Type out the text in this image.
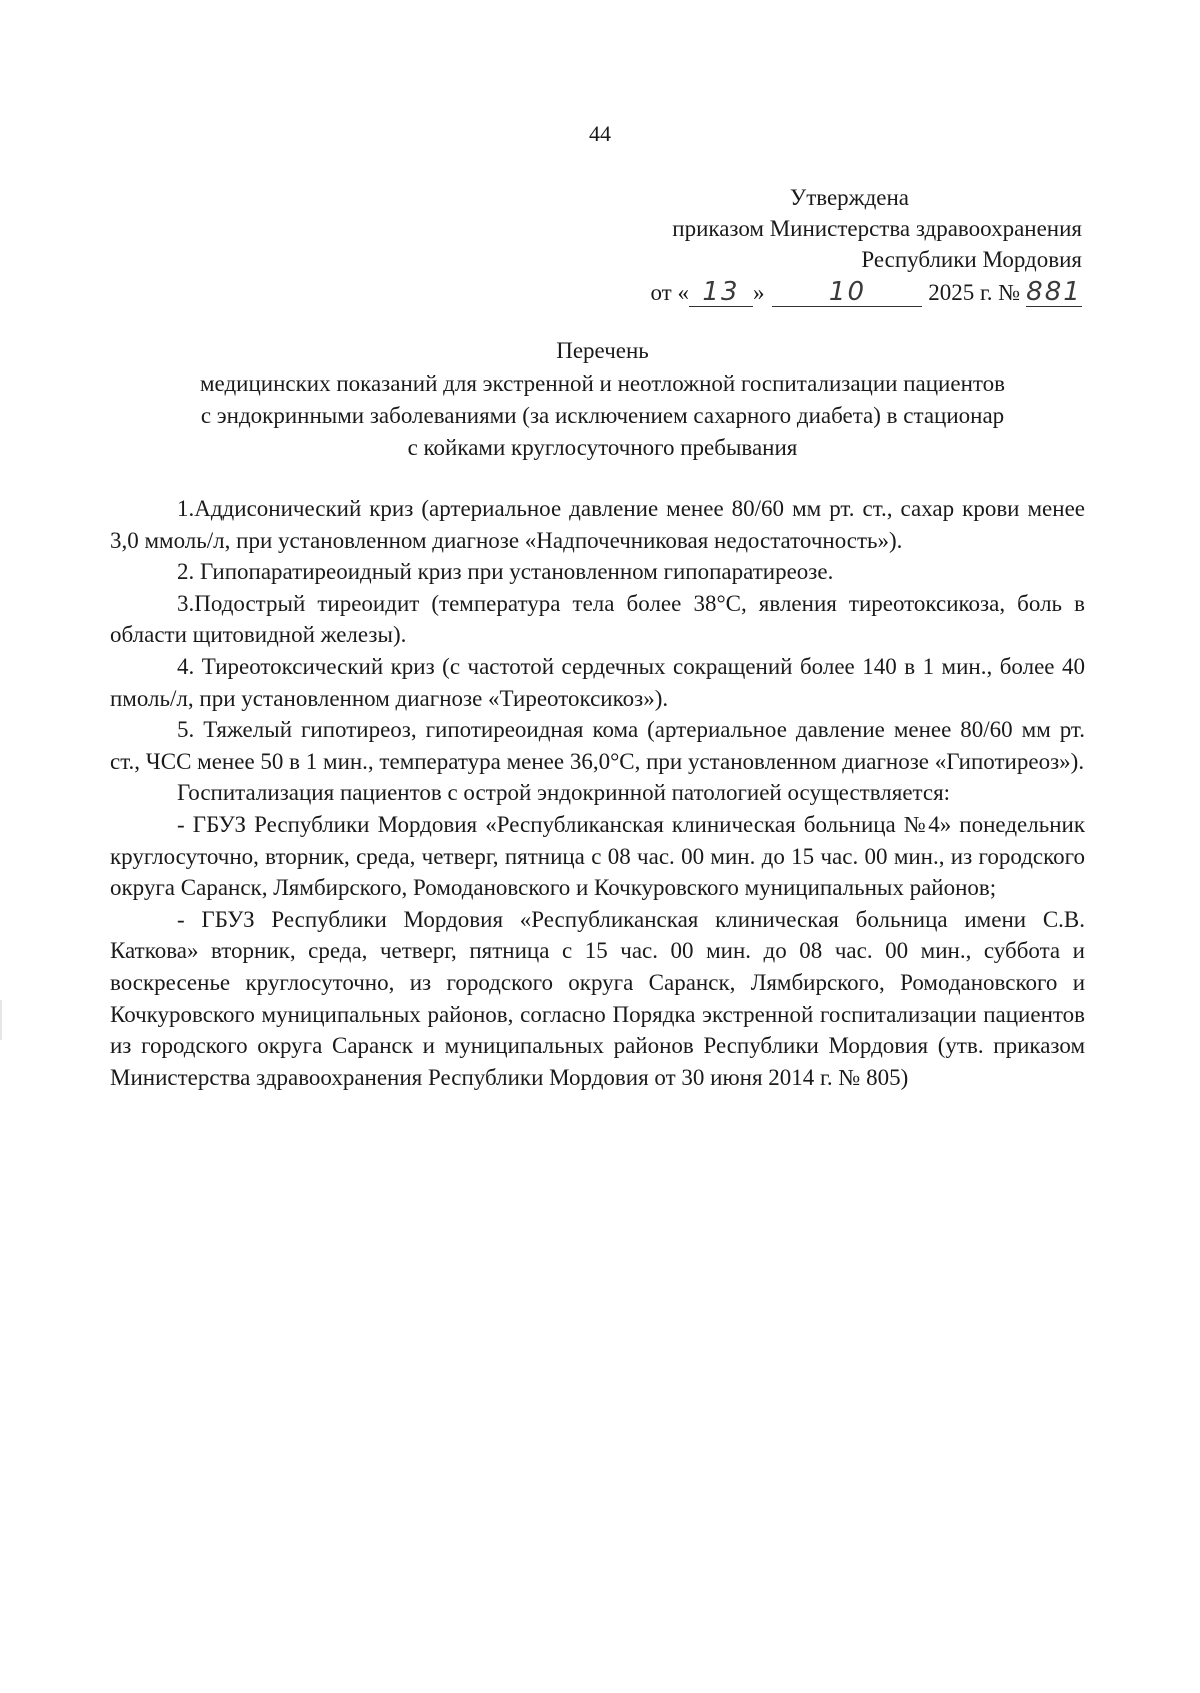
44
Утверждена
приказом Министерства здравоохранения
Республики Мордовия
от « 13 » 10	2025 г. № 881
Перечень
медицинских показаний для экстренной и неотложной госпитализации пациентов
с эндокринными заболеваниями (за исключением сахарного диабета) в стационар
с койками круглосуточного пребывания

1.Аддисонический криз (артериальное давление менее 80/60 мм рт. ст., сахар крови менее 3,0 ммоль/л, при установленном диагнозе «Надпочечниковая недостаточность»).

2. Гипопаратиреоидный криз при установленном гипопаратиреозе.

3.Подострый тиреоидит (температура тела более 38°С, явления тиреотоксикоза, боль в области щитовидной железы).

4. Тиреотоксический криз (с частотой сердечных сокращений более 140 в 1 мин., более 40 пмоль/л, при установленном диагнозе «Тиреотоксикоз»).

5. Тяжелый гипотиреоз, гипотиреоидная кома (артериальное давление менее 80/60 мм рт. ст., ЧСС менее 50 в 1 мин., температура менее 36,0°С, при установленном диагнозе «Гипотиреоз»).

Госпитализация пациентов с острой эндокринной патологией осуществляется:

- ГБУЗ Республики Мордовия «Республиканская клиническая больница №4» понедельник круглосуточно, вторник, среда, четверг, пятница с 08 час. 00 мин. до 15 час. 00 мин., из городского округа Саранск, Лямбирского, Ромодановского и Кочкуровского муниципальных районов;

- ГБУЗ Республики Мордовия «Республиканская клиническая больница имени С.В. Каткова» вторник, среда, четверг, пятница с 15 час. 00 мин. до 08 час. 00 мин., суббота и воскресенье круглосуточно, из городского округа Саранск, Лямбирского, Ромодановского и Кочкуровского муниципальных районов, согласно Порядка экстренной госпитализации пациентов из городского округа Саранск и муниципальных районов Республики Мордовия (утв. приказом Министерства здравоохранения Республики Мордовия от 30 июня 2014 г. № 805)
